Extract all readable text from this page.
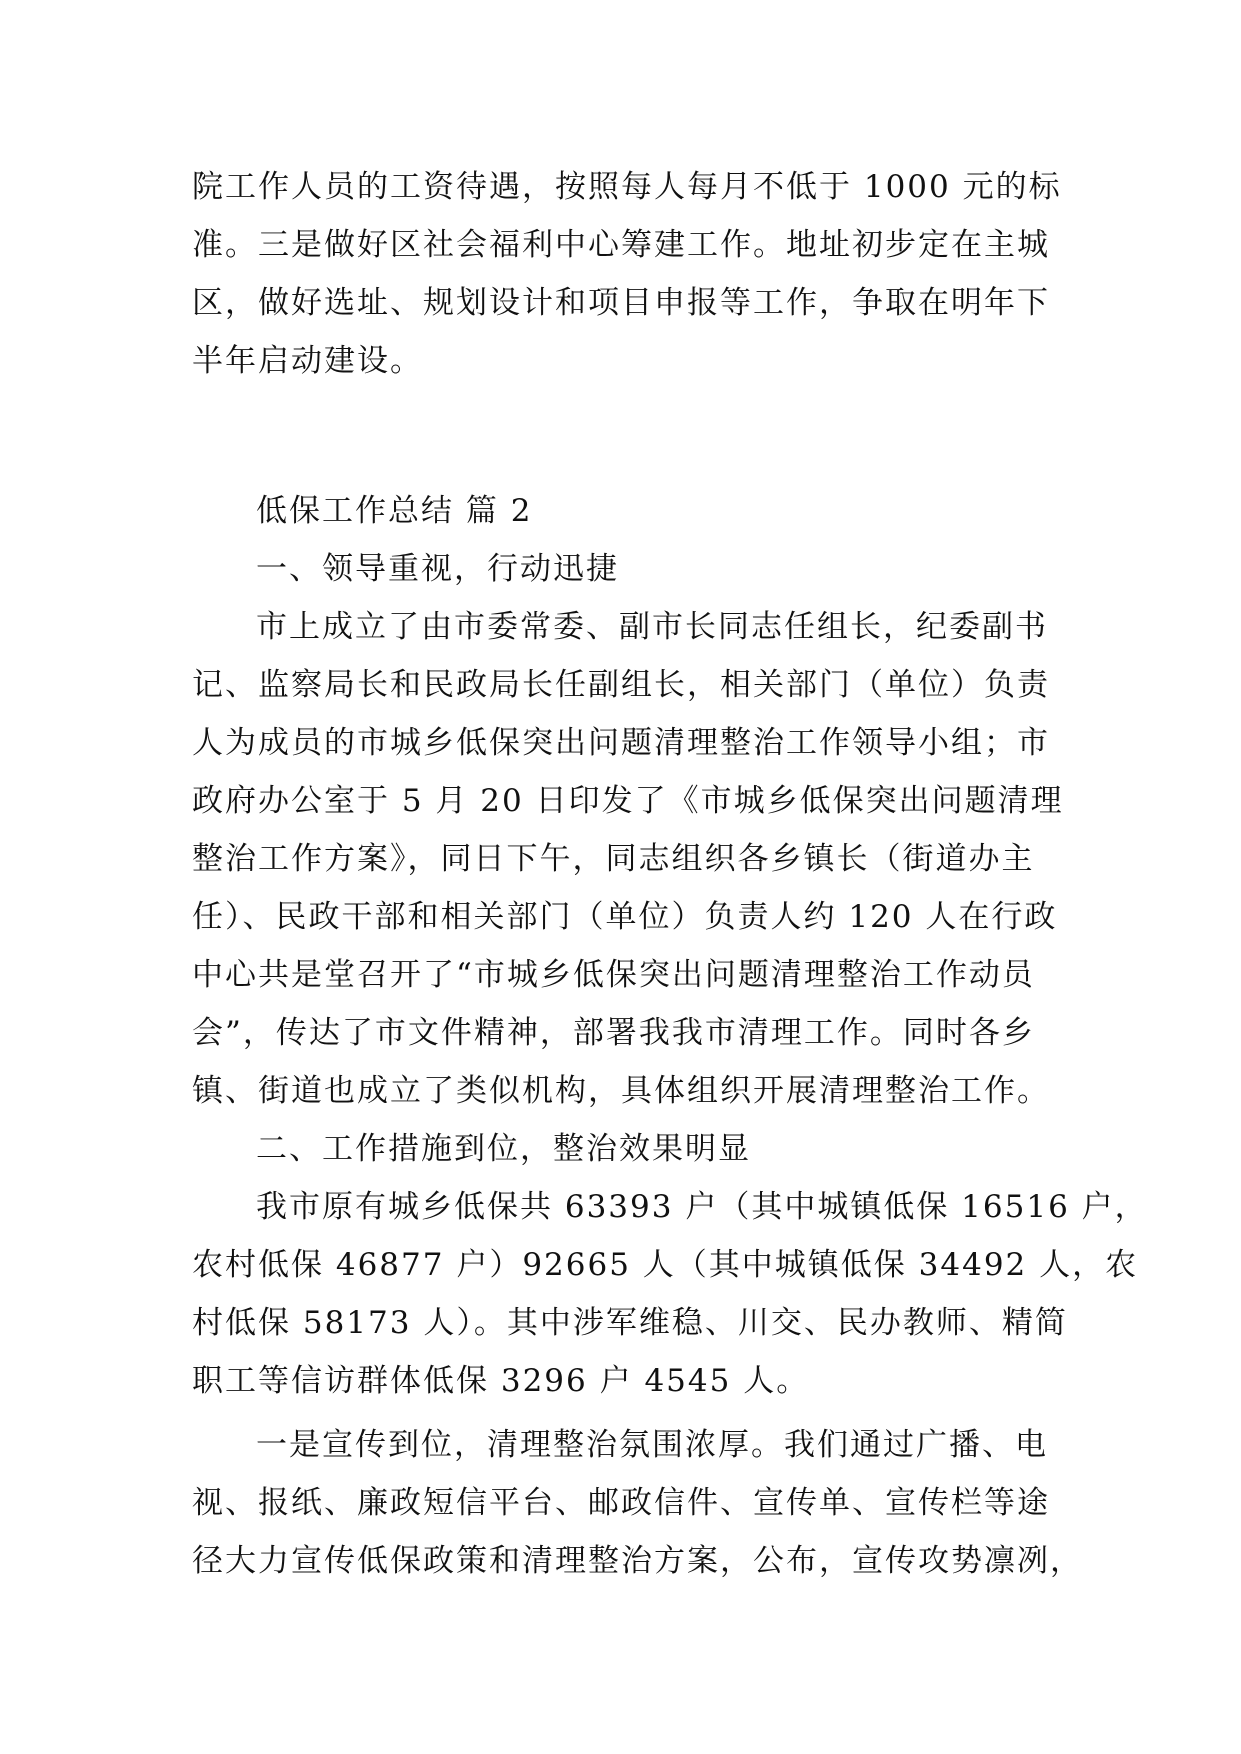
院工作人员的工资待遇，按照每人每月不低于 1000 元的标
准。三是做好区社会福利中心筹建工作。地址初步定在主城
区，做好选址、规划设计和项目申报等工作，争取在明年下
半年启动建设。
低保工作总结 篇 2
一、领导重视，行动迅捷
市上成立了由市委常委、副市长同志任组长，纪委副书
记、监察局长和民政局长任副组长，相关部门（单位）负责
人为成员的市城乡低保突出问题清理整治工作领导小组；市
政府办公室于 5 月 20 日印发了《市城乡低保突出问题清理
整治工作方案》，同日下午，同志组织各乡镇长（街道办主
任）、民政干部和相关部门（单位）负责人约 120 人在行政
中心共是堂召开了“市城乡低保突出问题清理整治工作动员
会”，传达了市文件精神，部署我我市清理工作。同时各乡
镇、街道也成立了类似机构，具体组织开展清理整治工作。
二、工作措施到位，整治效果明显
我市原有城乡低保共 63393 户（其中城镇低保 16516 户，
农村低保 46877 户）92665 人（其中城镇低保 34492 人，农
村低保 58173 人）。其中涉军维稳、川交、民办教师、精简
职工等信访群体低保 3296 户 4545 人。
一是宣传到位，清理整治氛围浓厚。我们通过广播、电
视、报纸、廉政短信平台、邮政信件、宣传单、宣传栏等途
径大力宣传低保政策和清理整治方案，公布，宣传攻势凛冽，
